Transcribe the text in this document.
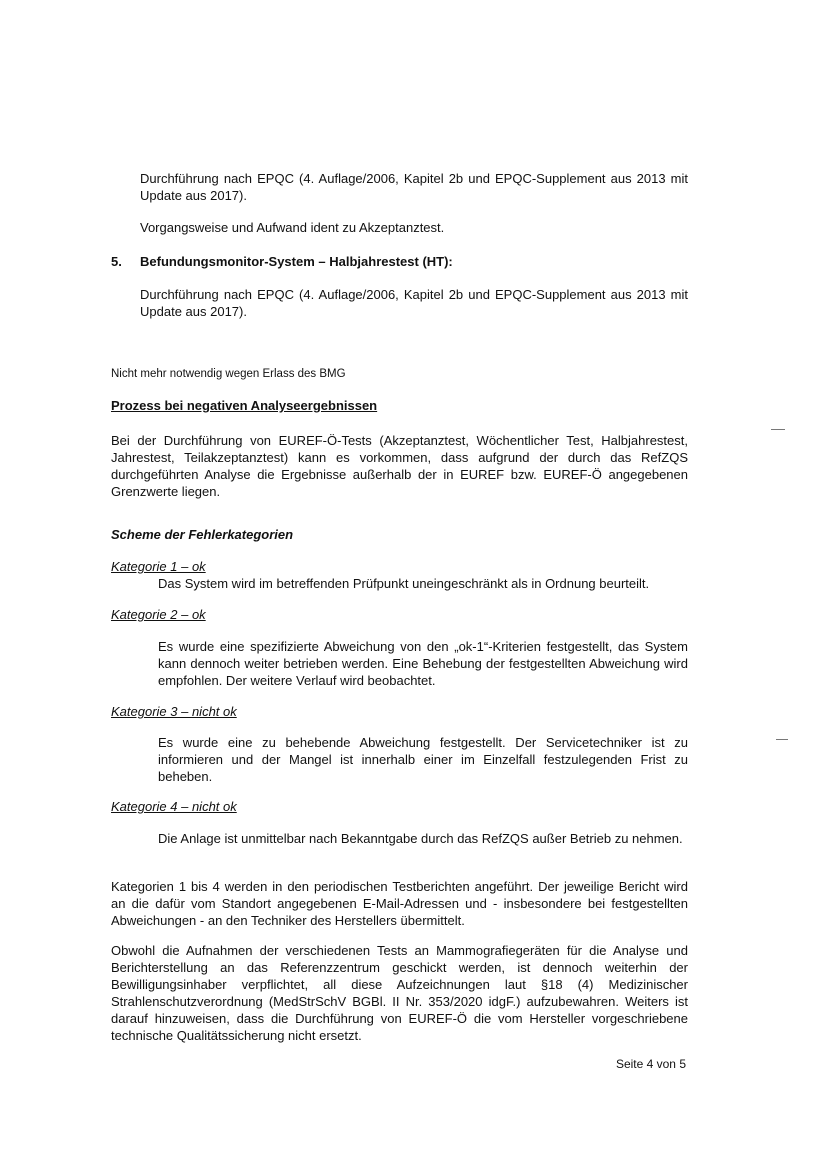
Durchführung nach EPQC (4. Auflage/2006, Kapitel 2b und EPQC-Supplement aus 2013 mit Update aus 2017).

Vorgangsweise und Aufwand ident zu Akzeptanztest.

5. Befundungsmonitor-System – Halbjahrestest (HT):

Durchführung nach EPQC (4. Auflage/2006, Kapitel 2b und EPQC-Supplement aus 2013 mit Update aus 2017).

Nicht mehr notwendig wegen Erlass des BMG

Prozess bei negativen Analyseergebnissen

Bei der Durchführung von EUREF-Ö-Tests (Akzeptanztest, Wöchentlicher Test, Halbjahrestest, Jahrestest, Teilakzeptanztest) kann es vorkommen, dass aufgrund der durch das RefZQS durchgeführten Analyse die Ergebnisse außerhalb der in EUREF bzw. EUREF-Ö angegebenen Grenzwerte liegen.

Scheme der Fehlerkategorien

Kategorie 1 – ok

Das System wird im betreffenden Prüfpunkt uneingeschränkt als in Ordnung beurteilt.

Kategorie 2 – ok

Es wurde eine spezifizierte Abweichung von den „ok-1“-Kriterien festgestellt, das System kann dennoch weiter betrieben werden. Eine Behebung der festgestellten Abweichung wird empfohlen. Der weitere Verlauf wird beobachtet.

Kategorie 3 – nicht ok

Es wurde eine zu behebende Abweichung festgestellt. Der Servicetechniker ist zu informieren und der Mangel ist innerhalb einer im Einzelfall festzulegenden Frist zu beheben.

Kategorie 4 – nicht ok

Die Anlage ist unmittelbar nach Bekanntgabe durch das RefZQS außer Betrieb zu nehmen.

Kategorien 1 bis 4 werden in den periodischen Testberichten angeführt. Der jeweilige Bericht wird an die dafür vom Standort angegebenen E-Mail-Adressen und - insbesondere bei festgestellten Abweichungen - an den Techniker des Herstellers übermittelt.

Obwohl die Aufnahmen der verschiedenen Tests an Mammografiegeräten für die Analyse und Berichterstellung an das Referenzzentrum geschickt werden, ist dennoch weiterhin der Bewilligungsinhaber verpflichtet, all diese Aufzeichnungen laut §18 (4) Medizinischer Strahlenschutzverordnung (MedStrSchV BGBl. II Nr. 353/2020 idgF.) aufzubewahren. Weiters ist darauf hinzuweisen, dass die Durchführung von EUREF-Ö die vom Hersteller vorgeschriebene technische Qualitätssicherung nicht ersetzt.

Seite 4 von 5
